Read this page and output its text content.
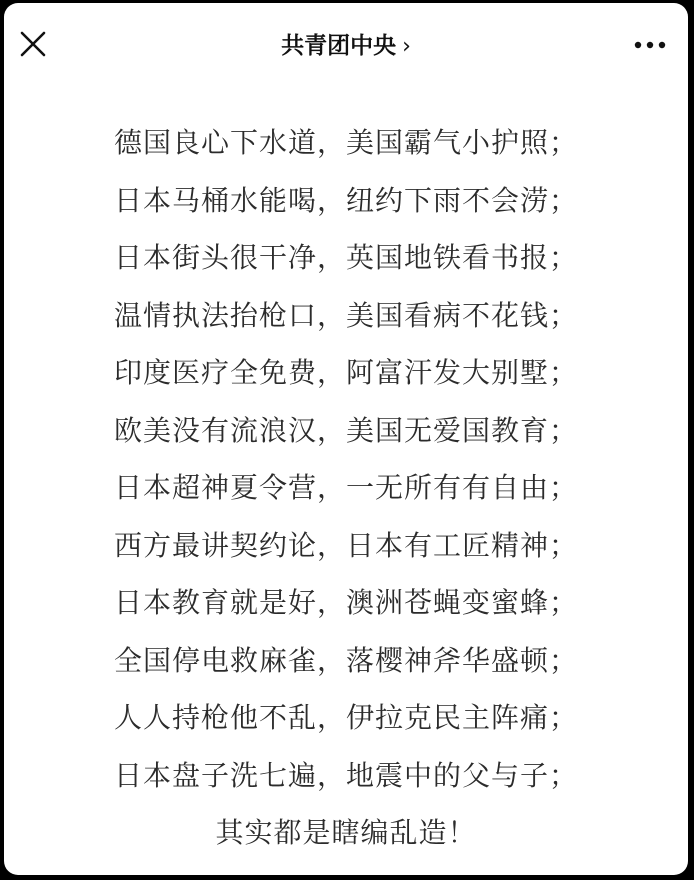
共青团中央 ›
德国良心下水道，美国霸气小护照；
日本马桶水能喝，纽约下雨不会涝；
日本街头很干净，英国地铁看书报；
温情执法抬枪口，美国看病不花钱；
印度医疗全免费，阿富汗发大别墅；
欧美没有流浪汉，美国无爱国教育；
日本超神夏令营，一无所有有自由；
西方最讲契约论，日本有工匠精神；
日本教育就是好，澳洲苍蝇变蜜蜂；
全国停电救麻雀，落樱神斧华盛顿；
人人持枪他不乱，伊拉克民主阵痛；
日本盘子洗七遍，地震中的父与子；
其实都是瞎编乱造！
